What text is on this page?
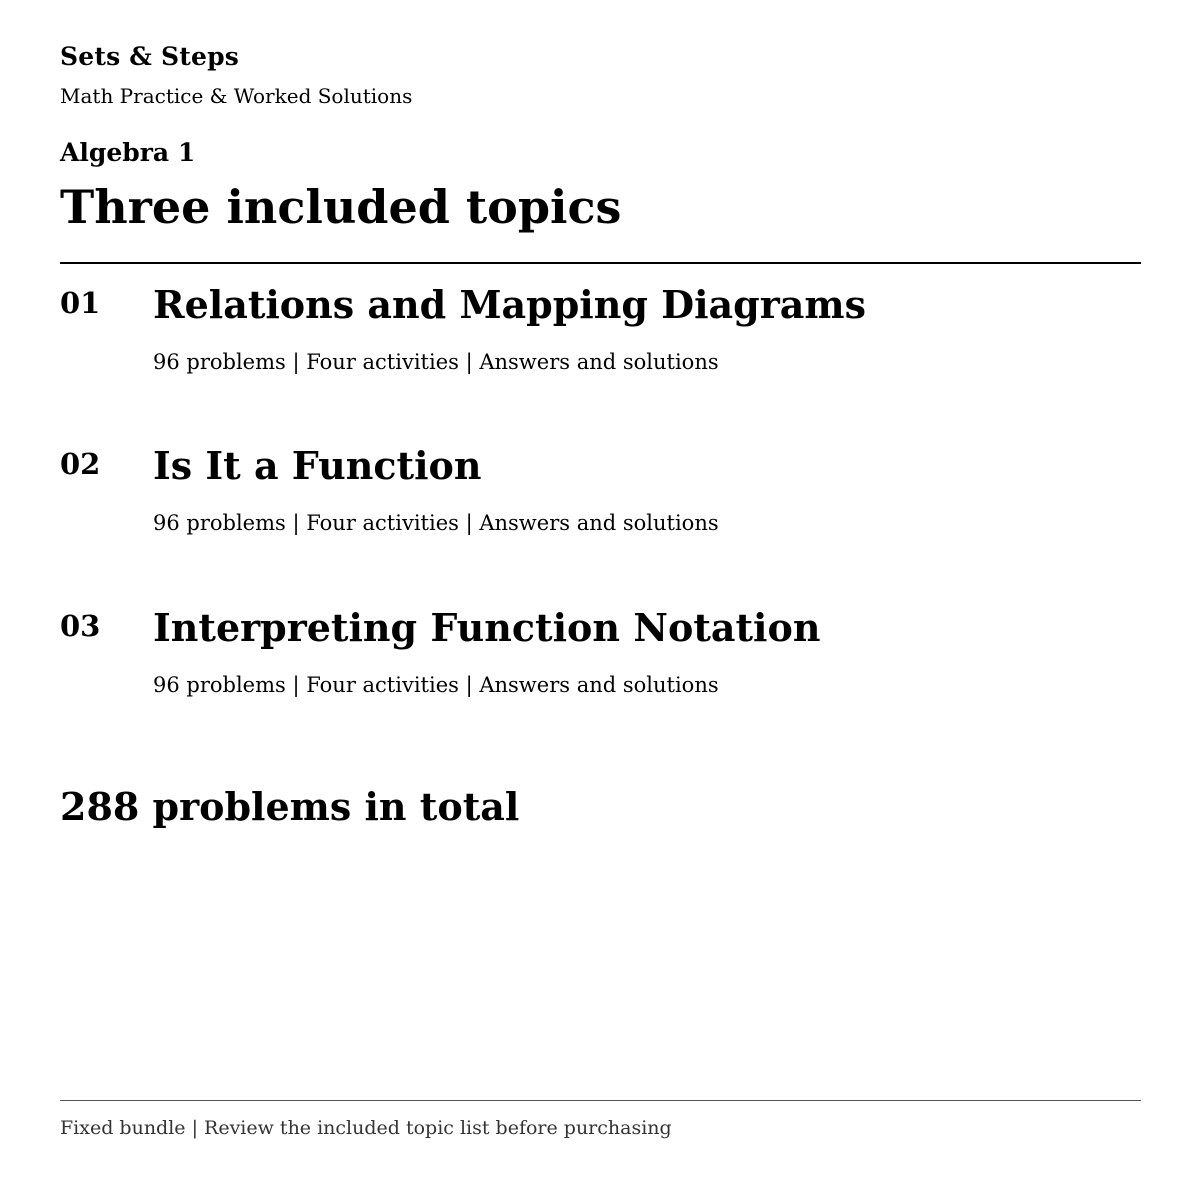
Sets & Steps
Math Practice & Worked Solutions
Algebra 1
Three included topics
01 Relations and Mapping Diagrams
96 problems | Four activities | Answers and solutions
02 Is It a Function
96 problems | Four activities | Answers and solutions
03 Interpreting Function Notation
96 problems | Four activities | Answers and solutions
288 problems in total
Fixed bundle | Review the included topic list before purchasing
